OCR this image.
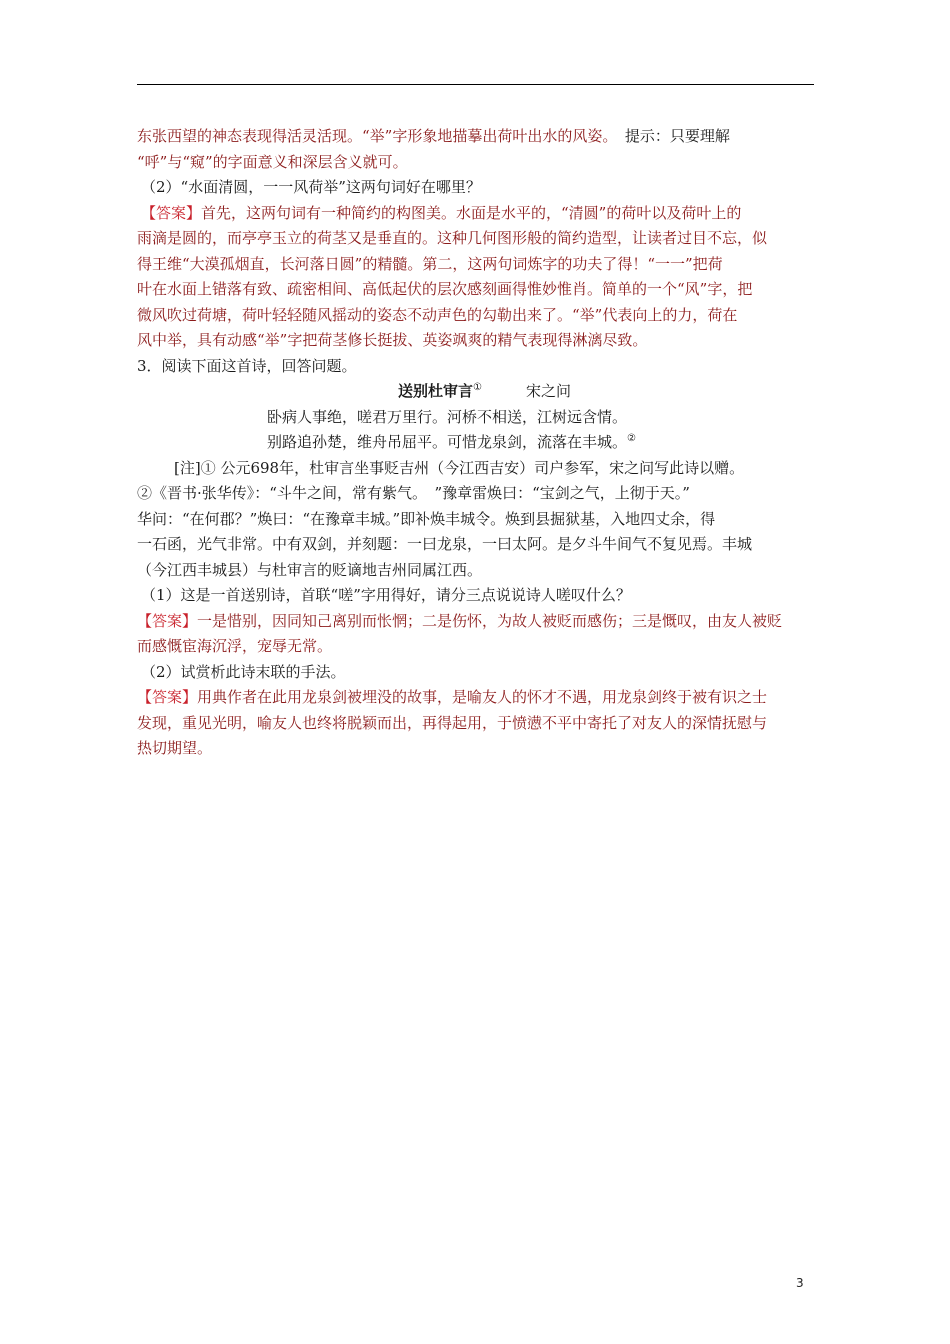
东张西望的神态表现得活灵活现。“举”字形象地描摹出荷叶出水的风姿。　 提示：只要理解

“呼”与“窥”的字面意义和深层含义就可。

（2）“水面清圆，一一风荷举”这两句词好在哪里？

【答案】首先，这两句词有一种简约的构图美。水面是水平的，“清圆”的荷叶以及荷叶上的

雨滴是圆的，而亭亭玉立的荷茎又是垂直的。这种几何图形般的简约造型，让读者过目不忘，似

得王维“大漠孤烟直，长河落日圆”的精髓。第二，这两句词炼字的功夫了得！“一一”把荷

叶在水面上错落有致、疏密相间、高低起伏的层次感刻画得惟妙惟肖。简单的一个“风”字，把

微风吹过荷塘，荷叶轻轻随风摇动的姿态不动声色的勾勒出来了。“举”代表向上的力，荷在

风中举，具有动感“举”字把荷茎修长挺拔、英姿飒爽的精气表现得淋漓尽致。

3．阅读下面这首诗，回答问题。

送别杜审言①	宋之问

卧病人事绝，嗟君万里行。河桥不相送，江树远含情。

别路追孙楚，维舟吊屈平。可惜龙泉剑，流落在丰城。②

[注]① 公元698年，杜审言坐事贬吉州（今江西吉安）司户参军，宋之问写此诗以赠。

②《晋书·张华传》：“斗牛之间，常有紫气。　”豫章雷焕曰：“宝剑之气，上彻于天。”

华问：“在何郡？”焕曰：“在豫章丰城。”即补焕丰城令。焕到县掘狱基，入地四丈余，得

一石函，光气非常。中有双剑，并刻题：一曰龙泉，一曰太阿。是夕斗牛间气不复见焉。丰城

（今江西丰城县）与杜审言的贬谪地吉州同属江西。

（1）这是一首送别诗，首联“嗟”字用得好，请分三点说说诗人嗟叹什么？

【答案】一是惜别，因同知己离别而怅惘；二是伤怀，为故人被贬而感伤；三是慨叹，由友人被贬

而感慨宦海沉浮，宠辱无常。

（2）试赏析此诗末联的手法。

【答案】用典作者在此用龙泉剑被埋没的故事，是喻友人的怀才不遇，用龙泉剑终于被有识之士

发现，重见光明，喻友人也终将脱颖而出，再得起用，于愤懑不平中寄托了对友人的深情抚慰与

热切期望。

3
